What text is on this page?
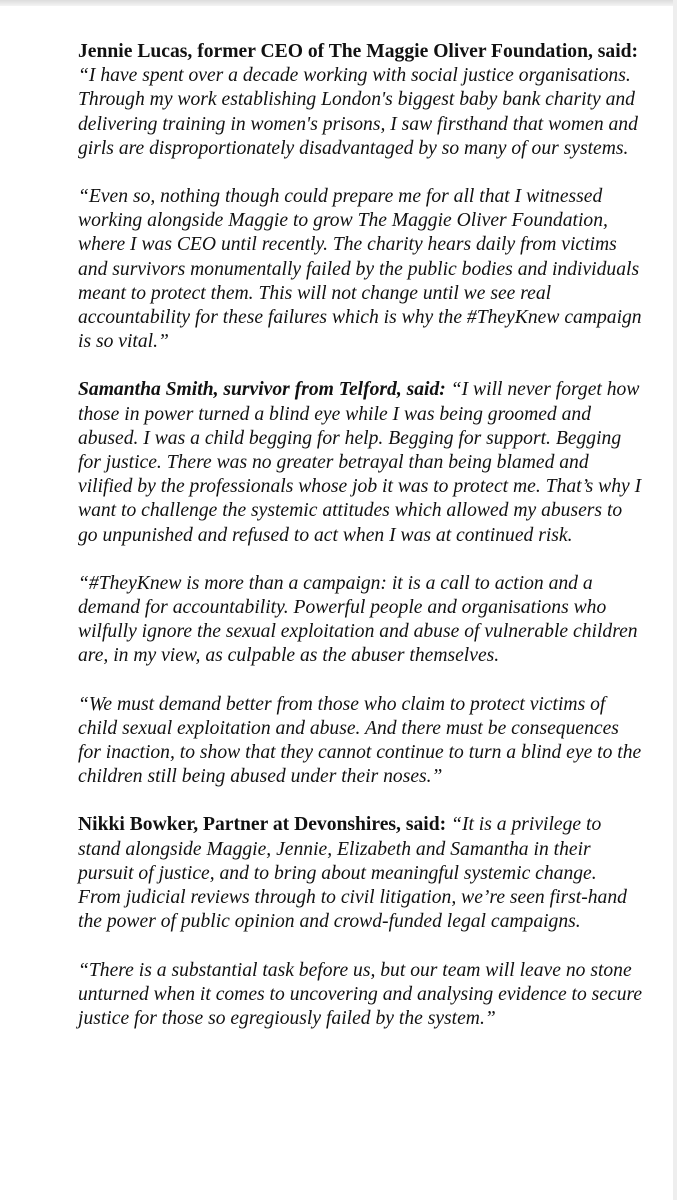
Jennie Lucas, former CEO of The Maggie Oliver Foundation, said: “I have spent over a decade working with social justice organisations. Through my work establishing London's biggest baby bank charity and delivering training in women's prisons, I saw firsthand that women and girls are disproportionately disadvantaged by so many of our systems.

“Even so, nothing though could prepare me for all that I witnessed working alongside Maggie to grow The Maggie Oliver Foundation, where I was CEO until recently. The charity hears daily from victims and survivors monumentally failed by the public bodies and individuals meant to protect them. This will not change until we see real accountability for these failures which is why the #TheyKnew campaign is so vital.”

Samantha Smith, survivor from Telford, said: “I will never forget how those in power turned a blind eye while I was being groomed and abused. I was a child begging for help. Begging for support. Begging for justice. There was no greater betrayal than being blamed and vilified by the professionals whose job it was to protect me. That’s why I want to challenge the systemic attitudes which allowed my abusers to go unpunished and refused to act when I was at continued risk.

“#TheyKnew is more than a campaign: it is a call to action and a demand for accountability. Powerful people and organisations who wilfully ignore the sexual exploitation and abuse of vulnerable children are, in my view, as culpable as the abuser themselves.

“We must demand better from those who claim to protect victims of child sexual exploitation and abuse. And there must be consequences for inaction, to show that they cannot continue to turn a blind eye to the children still being abused under their noses.”

Nikki Bowker, Partner at Devonshires, said: “It is a privilege to stand alongside Maggie, Jennie, Elizabeth and Samantha in their pursuit of justice, and to bring about meaningful systemic change. From judicial reviews through to civil litigation, we’re seen first-hand the power of public opinion and crowd-funded legal campaigns.

“There is a substantial task before us, but our team will leave no stone unturned when it comes to uncovering and analysing evidence to secure justice for those so egregiously failed by the system.”
